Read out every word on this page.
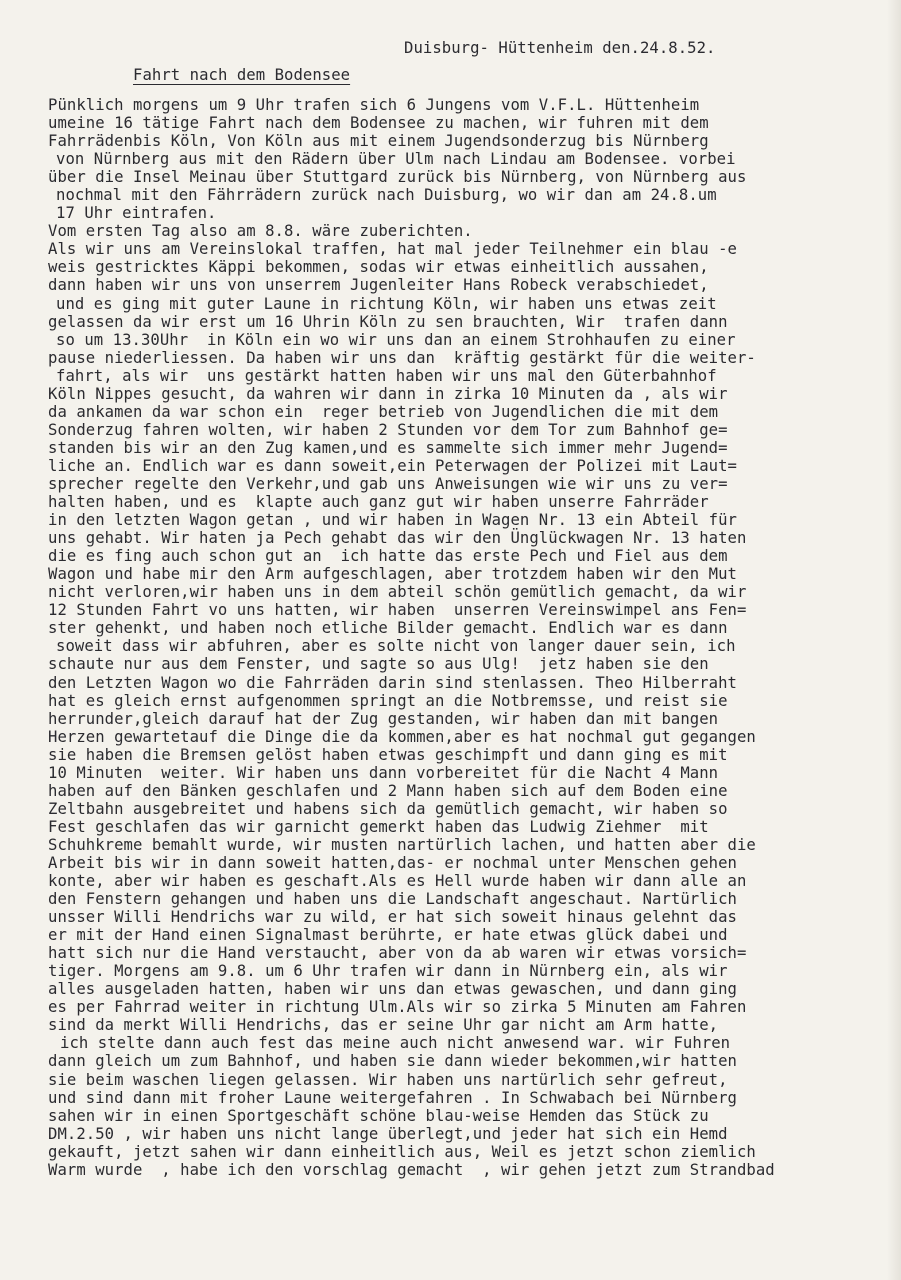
Duisburg- Hüttenheim den.24.8.52.
Fahrt nach dem Bodensee
Pünklich morgens um 9 Uhr trafen sich 6 Jungens vom V.F.L. Hüttenheim
umeine 16 tätige Fahrt nach dem Bodensee zu machen, wir fuhren mit dem
Fahrrädenbis Köln, Von Köln aus mit einem Jugendsonderzug bis Nürnberg
von Nürnberg aus mit den Rädern über Ulm nach Lindau am Bodensee. vorbei
über die Insel Meinau über Stuttgard zurück bis Nürnberg, von Nürnberg aus
nochmal mit den Fährrädern zurück nach Duisburg, wo wir dan am 24.8.um
17 Uhr eintrafen.
Vom ersten Tag also am 8.8. wäre zuberichten.
Als wir uns am Vereinslokal traffen, hat mal jeder Teilnehmer ein blau -e
weis gestricktes Käppi bekommen, sodas wir etwas einheitlich aussahen,
dann haben wir uns von unserrem Jugenleiter Hans Robeck verabschiedet,
und es ging mit guter Laune in richtung Köln, wir haben uns etwas zeit
gelassen da wir erst um 16 Uhrin Köln zu sen brauchten, Wir  trafen dann
so um 13.30Uhr  in Köln ein wo wir uns dan an einem Strohhaufen zu einer
pause niederliessen. Da haben wir uns dan  kräftig gestärkt für die weiter-
fahrt, als wir  uns gestärkt hatten haben wir uns mal den Güterbahnhof
Köln Nippes gesucht, da wahren wir dann in zirka 10 Minuten da , als wir
da ankamen da war schon ein  reger betrieb von Jugendlichen die mit dem
Sonderzug fahren wolten, wir haben 2 Stunden vor dem Tor zum Bahnhof ge=
standen bis wir an den Zug kamen,und es sammelte sich immer mehr Jugend=
liche an. Endlich war es dann soweit,ein Peterwagen der Polizei mit Laut=
sprecher regelte den Verkehr,und gab uns Anweisungen wie wir uns zu ver=
halten haben, und es  klapte auch ganz gut wir haben unserre Fahrräder
in den letzten Wagon getan , und wir haben in Wagen Nr. 13 ein Abteil für
uns gehabt. Wir haten ja Pech gehabt das wir den Ünglückwagen Nr. 13 haten
die es fing auch schon gut an  ich hatte das erste Pech und Fiel aus dem
Wagon und habe mir den Arm aufgeschlagen, aber trotzdem haben wir den Mut
nicht verloren,wir haben uns in dem abteil schön gemütlich gemacht, da wir
12 Stunden Fahrt vo uns hatten, wir haben  unserren Vereinswimpel ans Fen=
ster gehenkt, und haben noch etliche Bilder gemacht. Endlich war es dann
soweit dass wir abfuhren, aber es solte nicht von langer dauer sein, ich
schaute nur aus dem Fenster, und sagte so aus Ulg!  jetz haben sie den
den Letzten Wagon wo die Fahrräden darin sind stenlassen. Theo Hilberraht
hat es gleich ernst aufgenommen springt an die Notbremsse, und reist sie
herrunder,gleich darauf hat der Zug gestanden, wir haben dan mit bangen
Herzen gewartetauf die Dinge die da kommen,aber es hat nochmal gut gegangen
sie haben die Bremsen gelöst haben etwas geschimpft und dann ging es mit
10 Minuten  weiter. Wir haben uns dann vorbereitet für die Nacht 4 Mann
haben auf den Bänken geschlafen und 2 Mann haben sich auf dem Boden eine
Zeltbahn ausgebreitet und habens sich da gemütlich gemacht, wir haben so
Fest geschlafen das wir garnicht gemerkt haben das Ludwig Ziehmer  mit
Schuhkreme bemahlt wurde, wir musten nartürlich lachen, und hatten aber die
Arbeit bis wir in dann soweit hatten,das- er nochmal unter Menschen gehen
konte, aber wir haben es geschaft.Als es Hell wurde haben wir dann alle an
den Fenstern gehangen und haben uns die Landschaft angeschaut. Nartürlich
unsser Willi Hendrichs war zu wild, er hat sich soweit hinaus gelehnt das
er mit der Hand einen Signalmast berührte, er hate etwas glück dabei und
hatt sich nur die Hand verstaucht, aber von da ab waren wir etwas vorsich=
tiger. Morgens am 9.8. um 6 Uhr trafen wir dann in Nürnberg ein, als wir
alles ausgeladen hatten, haben wir uns dan etwas gewaschen, und dann ging
es per Fahrrad weiter in richtung Ulm.Als wir so zirka 5 Minuten am Fahren
sind da merkt Willi Hendrichs, das er seine Uhr gar nicht am Arm hatte,
ich stelte dann auch fest das meine auch nicht anwesend war. wir Fuhren
dann gleich um zum Bahnhof, und haben sie dann wieder bekommen,wir hatten
sie beim waschen liegen gelassen. Wir haben uns nartürlich sehr gefreut,
und sind dann mit froher Laune weitergefahren . In Schwabach bei Nürnberg
sahen wir in einen Sportgeschäft schöne blau-weise Hemden das Stück zu
DM.2.50 , wir haben uns nicht lange überlegt,und jeder hat sich ein Hemd
gekauft, jetzt sahen wir dann einheitlich aus, Weil es jetzt schon ziemlich
Warm wurde  , habe ich den vorschlag gemacht  , wir gehen jetzt zum Strandbad
